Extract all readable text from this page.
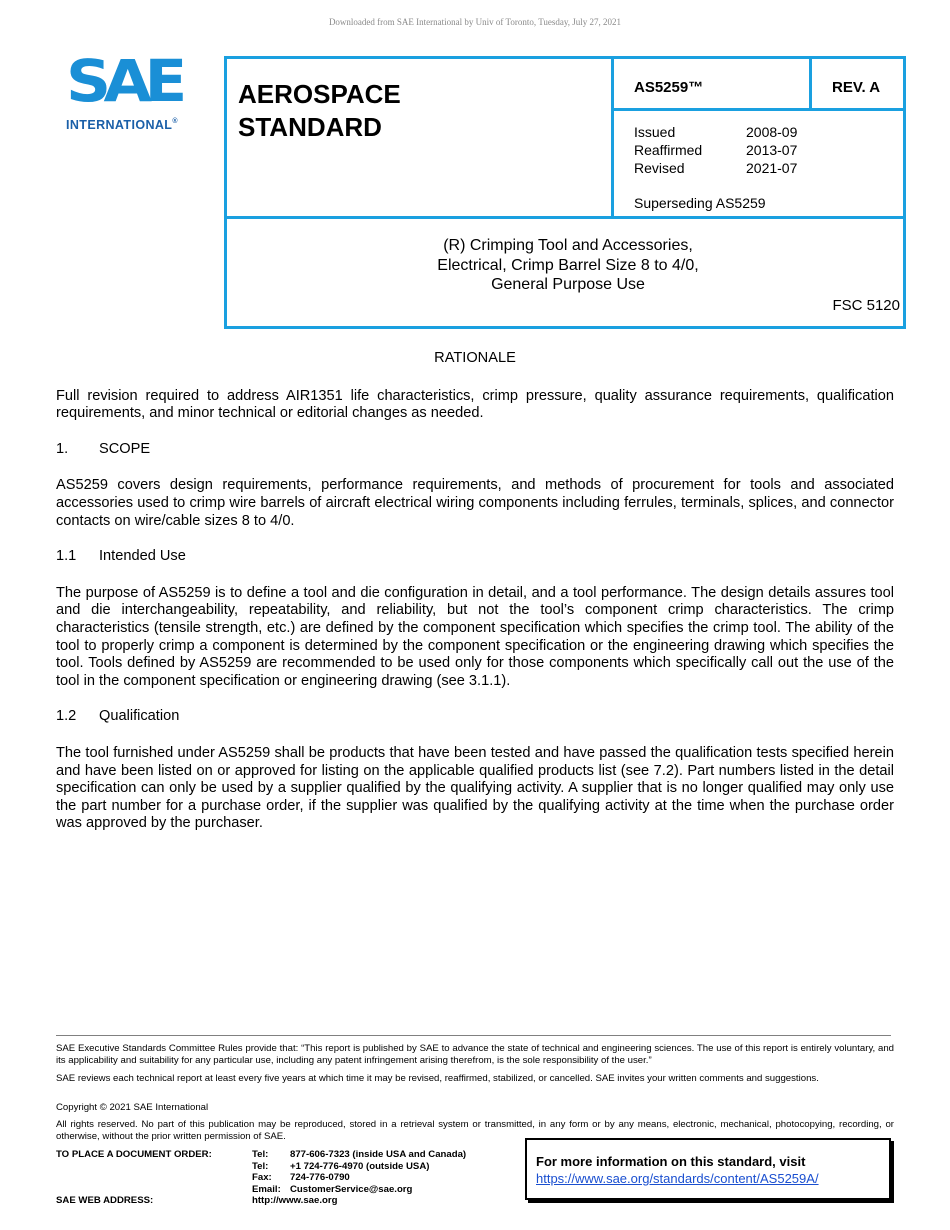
Downloaded from SAE International by Univ of Toronto, Tuesday, July 27, 2021
SAE
INTERNATIONAL®
AEROSPACE
STANDARD
AS5259™	REV. A
Issued	2008-09
Reaffirmed	2013-07
Revised	2021-07
Superseding AS5259
(R) Crimping Tool and Accessories,
Electrical, Crimp Barrel Size 8 to 4/0,
General Purpose Use
FSC 5120

RATIONALE

Full revision required to address AIR1351 life characteristics, crimp pressure, quality assurance requirements, qualification requirements, and minor technical or editorial changes as needed.

1. SCOPE

AS5259 covers design requirements, performance requirements, and methods of procurement for tools and associated accessories used to crimp wire barrels of aircraft electrical wiring components including ferrules, terminals, splices, and connector contacts on wire/cable sizes 8 to 4/0.

1.1 Intended Use

The purpose of AS5259 is to define a tool and die configuration in detail, and a tool performance. The design details assures tool and die interchangeability, repeatability, and reliability, but not the tool’s component crimp characteristics. The crimp characteristics (tensile strength, etc.) are defined by the component specification which specifies the crimp tool. The ability of the tool to properly crimp a component is determined by the component specification or the engineering drawing which specifies the tool. Tools defined by AS5259 are recommended to be used only for those components which specifically call out the use of the tool in the component specification or engineering drawing (see 3.1.1).

1.2 Qualification

The tool furnished under AS5259 shall be products that have been tested and have passed the qualification tests specified herein and have been listed on or approved for listing on the applicable qualified products list (see 7.2). Part numbers listed in the detail specification can only be used by a supplier qualified by the qualifying activity. A supplier that is no longer qualified may only use the part number for a purchase order, if the supplier was qualified by the qualifying activity at the time when the purchase order was approved by the purchaser.

SAE Executive Standards Committee Rules provide that: “This report is published by SAE to advance the state of technical and engineering sciences. The use of this report is entirely voluntary, and its applicability and suitability for any particular use, including any patent infringement arising therefrom, is the sole responsibility of the user.”
SAE reviews each technical report at least every five years at which time it may be revised, reaffirmed, stabilized, or cancelled. SAE invites your written comments and suggestions.
Copyright © 2021 SAE International
All rights reserved. No part of this publication may be reproduced, stored in a retrieval system or transmitted, in any form or by any means, electronic, mechanical, photocopying, recording, or otherwise, without the prior written permission of SAE.
TO PLACE A DOCUMENT ORDER:	Tel:	877-606-7323 (inside USA and Canada)
	Tel:	+1 724-776-4970 (outside USA)
	Fax:	724-776-0790
	Email:	CustomerService@sae.org
SAE WEB ADDRESS:	http://www.sae.org	
For more information on this standard, visit
https://www.sae.org/standards/content/AS5259A/
